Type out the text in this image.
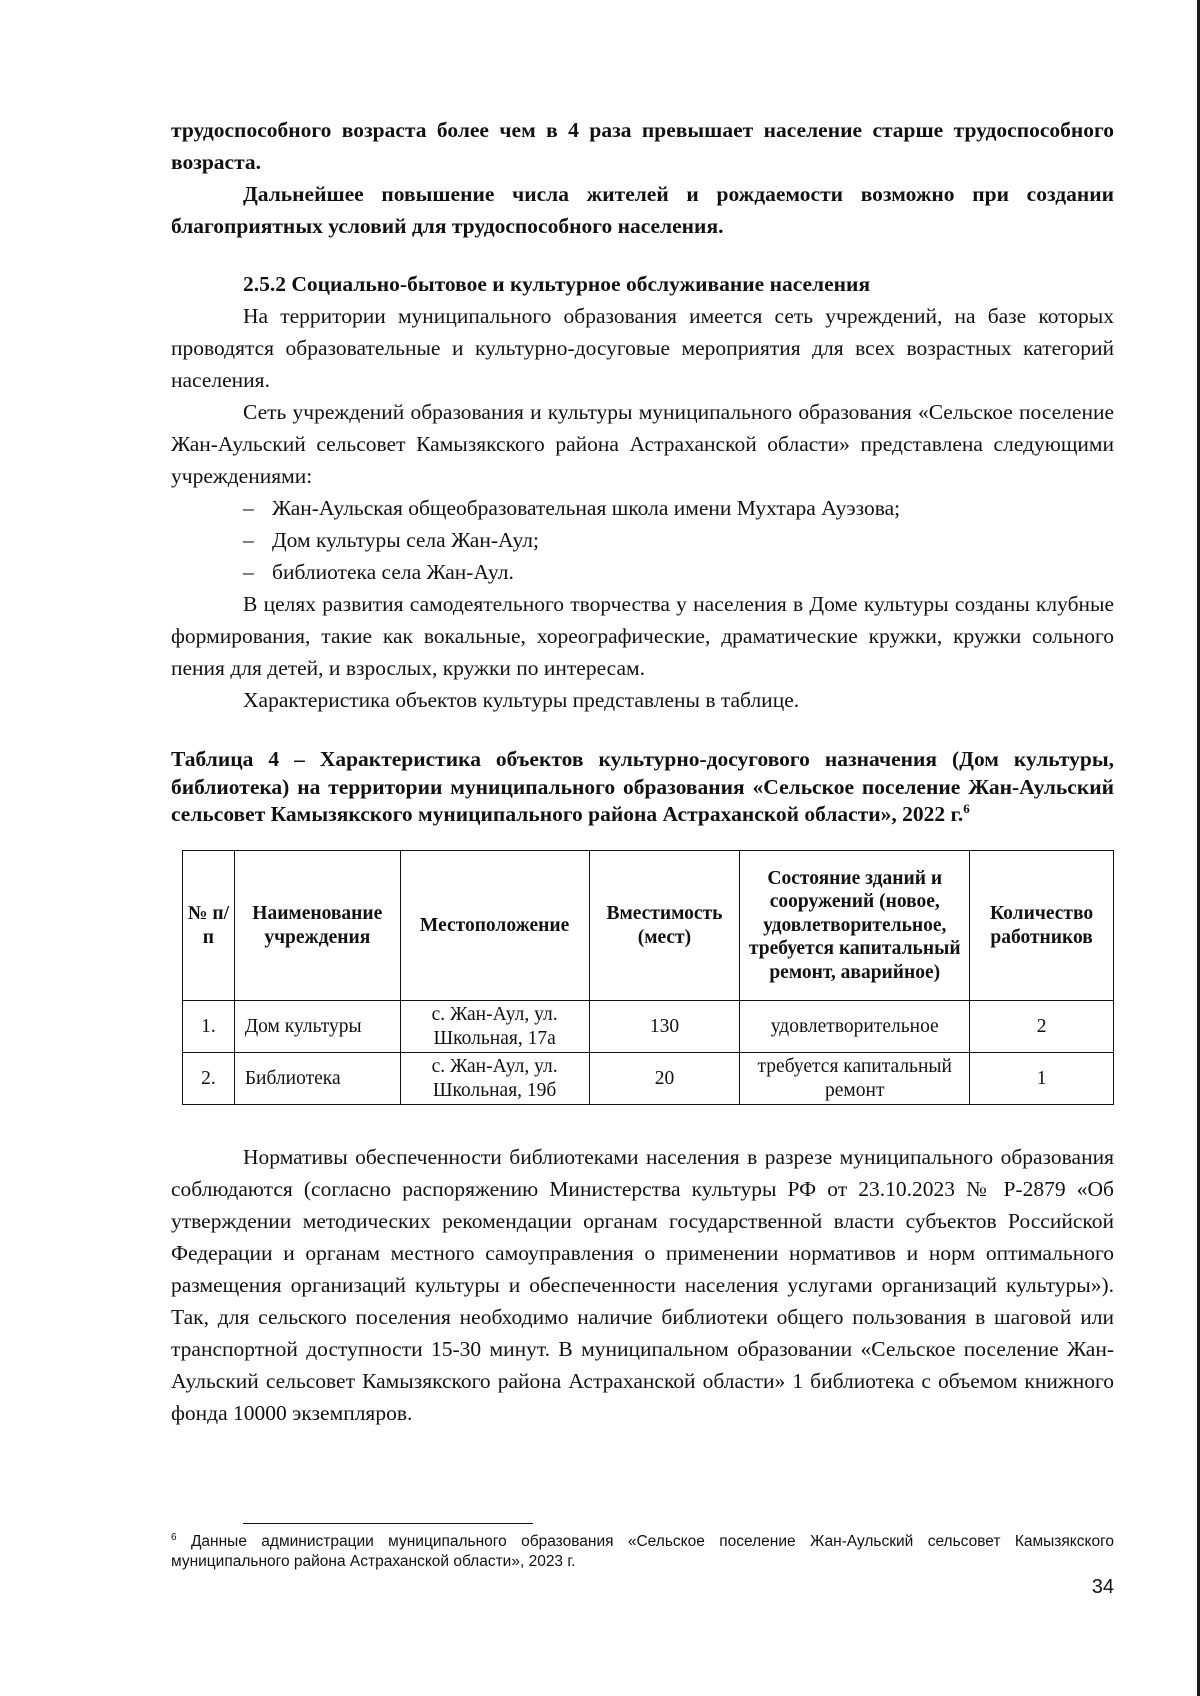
трудоспособного возраста более чем в 4 раза превышает население старше трудоспособного возраста.

Дальнейшее повышение числа жителей и рождаемости возможно при создании благоприятных условий для трудоспособного населения.

2.5.2 Социально-бытовое и культурное обслуживание населения

На территории муниципального образования имеется сеть учреждений, на базе которых проводятся образовательные и культурно-досуговые мероприятия для всех возрастных категорий населения.

Сеть учреждений образования и культуры муниципального образования «Сельское поселение Жан-Аульский сельсовет Камызякского района Астраханской области» представлена следующими учреждениями:

– Жан-Аульская общеобразовательная школа имени Мухтара Ауэзова;
– Дом культуры села Жан-Аул;
– библиотека села Жан-Аул.

В целях развития самодеятельного творчества у населения в Доме культуры созданы клубные формирования, такие как вокальные, хореографические, драматические кружки, кружки сольного пения для детей, и взрослых, кружки по интересам.

Характеристика объектов культуры представлены в таблице.

Таблица 4 – Характеристика объектов культурно-досугового назначения (Дом культуры, библиотека) на территории муниципального образования «Сельское поселение Жан-Аульский сельсовет Камызякского муниципального района Астраханской области», 2022 г.$^6$

№ п/п	Наименование учреждения	Местоположение	Вместимость (мест)	Состояние зданий и сооружений (новое, удовлетворительное, требуется капитальный ремонт, аварийное)	Количество работников
1.	Дом культуры	с. Жан-Аул, ул. Школьная, 17а	130	удовлетворительное	2
2.	Библиотека	с. Жан-Аул, ул. Школьная, 19б	20	требуется капитальный ремонт	1

Нормативы обеспеченности библиотеками населения в разрезе муниципального образования соблюдаются (согласно распоряжению Министерства культуры РФ от 23.10.2023 № Р-2879 «Об утверждении методических рекомендации органам государственной власти субъектов Российской Федерации и органам местного самоуправления о применении нормативов и норм оптимального размещения организаций культуры и обеспеченности населения услугами организаций культуры»). Так, для сельского поселения необходимо наличие библиотеки общего пользования в шаговой или транспортной доступности 15-30 минут. В муниципальном образовании «Сельское поселение Жан-Аульский сельсовет Камызякского района Астраханской области» 1 библиотека с объемом книжного фонда 10000 экземпляров.

$^6$ Данные администрации муниципального образования «Сельское поселение Жан-Аульский сельсовет Камызякского муниципального района Астраханской области», 2023 г.
34
